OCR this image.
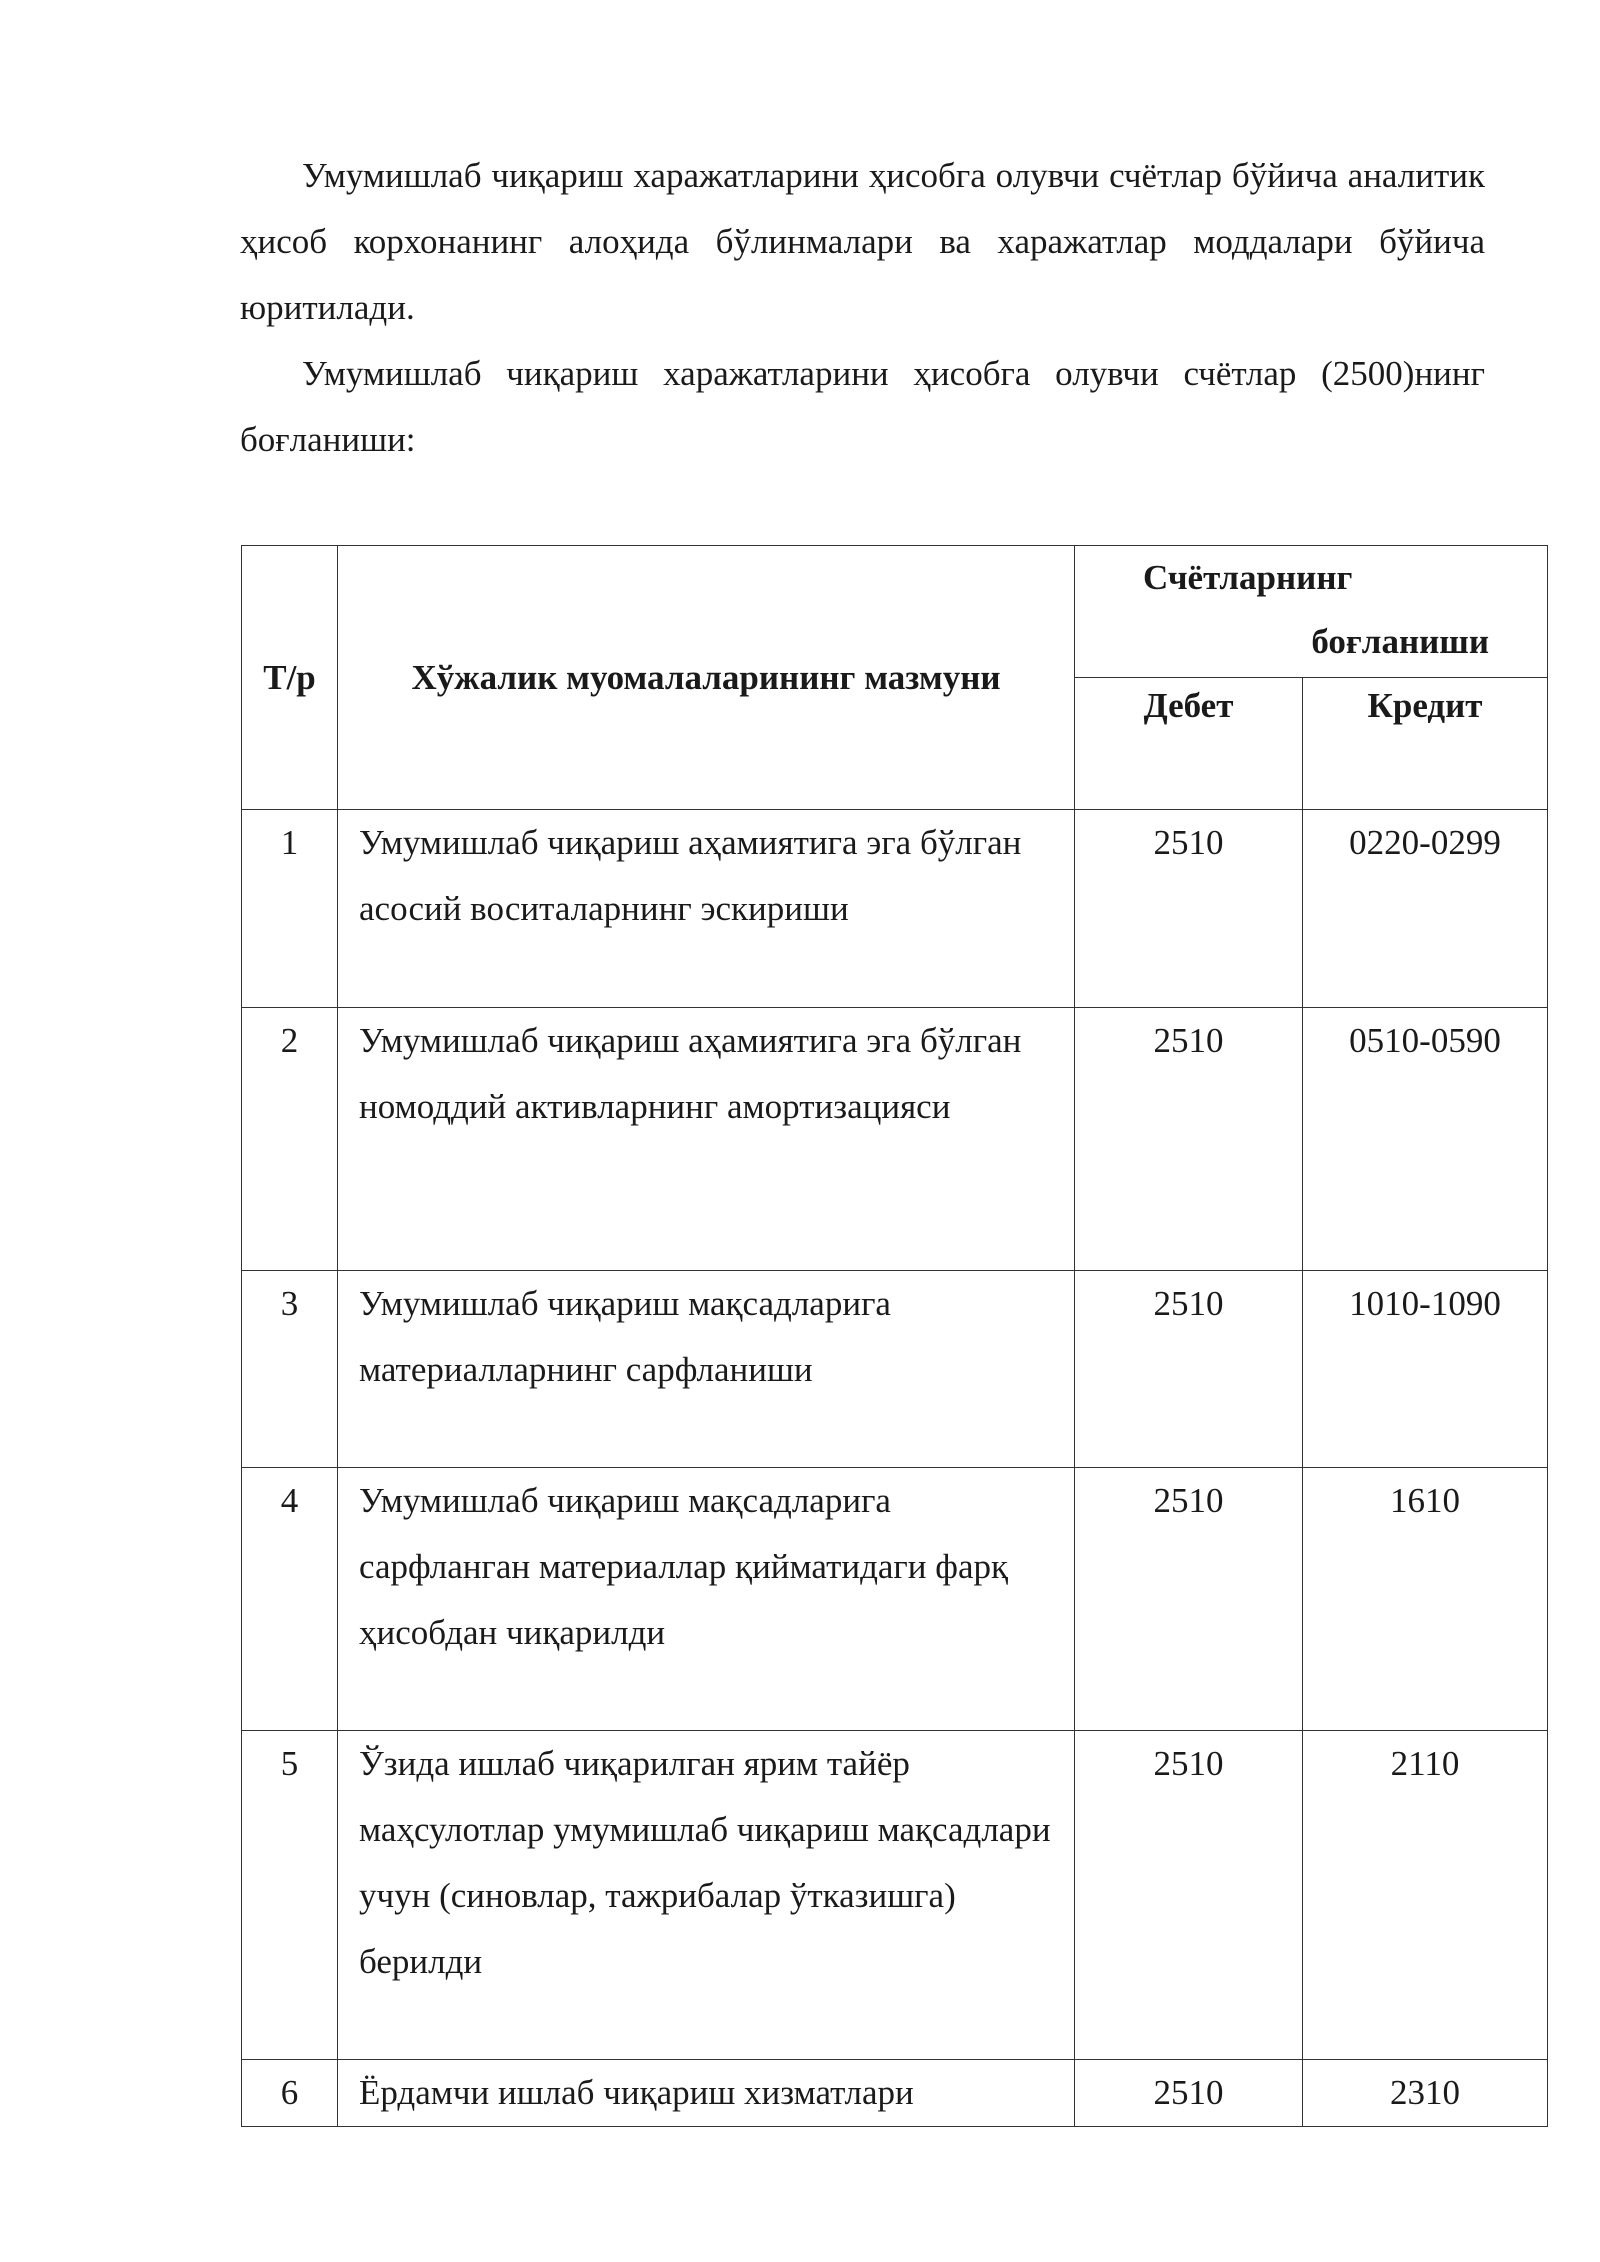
Умумишлаб чиқариш харажатларини ҳисобга олувчи счётлар бўйича аналитик ҳисоб корхонанинг алоҳида бўлинмалари ва харажатлар моддалари бўйича юритилади.

Умумишлаб чиқариш харажатларини ҳисобга олувчи счётлар (2500)нинг боғланиши:

Т/р	Хўжалик муомалаларининг мазмуни	Счётларнинг
боғланиши	

		Дебет	Кредит
1	Умумишлаб чиқариш аҳамиятига эга бўлган асосий воситаларнинг эскириши	2510	0220-0299
2	Умумишлаб чиқариш аҳамиятига эга бўлган номоддий активларнинг амортизацияси	2510	0510-0590
3	Умумишлаб чиқариш мақсадларига материалларнинг сарфланиши	2510	1010-1090
4	Умумишлаб чиқариш мақсадларига сарфланган материаллар қийматидаги фарқ ҳисобдан чиқарилди	2510	1610
5	Ўзида ишлаб чиқарилган ярим тайёр маҳсулотлар умумишлаб чиқариш мақсадлари учун (синовлар, тажрибалар ўтказишга) берилди	2510	2110
6	Ёрдамчи ишлаб чиқариш хизматлари	2510	2310
